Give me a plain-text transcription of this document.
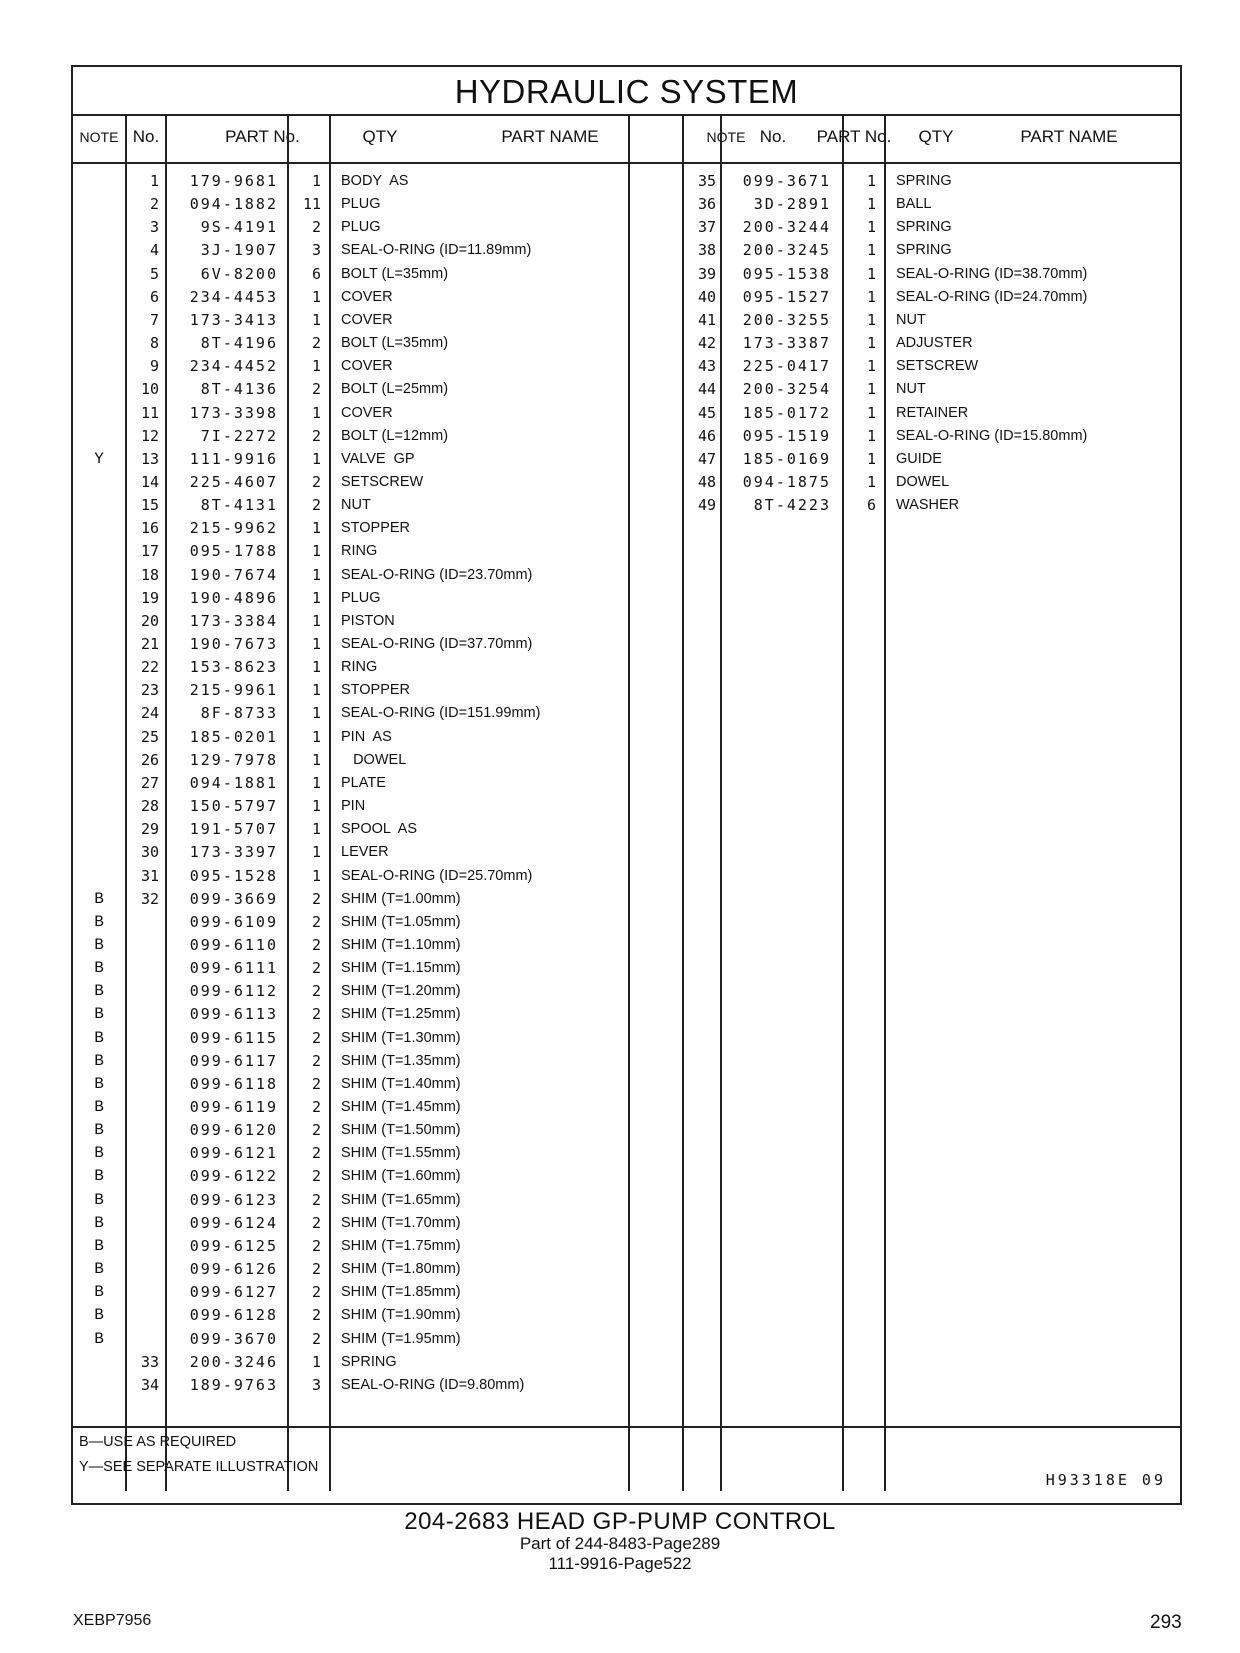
HYDRAULIC SYSTEM
NOTE No.	PART No.	QTY	PART NAME	NOTE No.	PART No.	QTY	PART NAME
1	179-9681	1 BODY  AS
2	094-1882	11 PLUG
3	9S-4191	2 PLUG
4	3J-1907	3 SEAL-O-RING (ID=11.89mm)
5	6V-8200	6 BOLT (L=35mm)
6	234-4453	1 COVER
7	173-3413	1 COVER
8	8T-4196	2 BOLT (L=35mm)
9	234-4452	1 COVER
10	8T-4136	2 BOLT (L=25mm)
11	173-3398	1 COVER
12	7I-2272	2 BOLT (L=12mm)
Y	13	111-9916	1 VALVE  GP
14	225-4607	2 SETSCREW
15	8T-4131	2 NUT
16	215-9962	1 STOPPER
17	095-1788	1 RING
18	190-7674	1 SEAL-O-RING (ID=23.70mm)
19	190-4896	1 PLUG
20	173-3384	1 PISTON
21	190-7673	1 SEAL-O-RING (ID=37.70mm)
22	153-8623	1 RING
23	215-9961	1 STOPPER
24	8F-8733	1 SEAL-O-RING (ID=151.99mm)
25	185-0201	1 PIN  AS
26	129-7978	1 DOWEL
27	094-1881	1 PLATE
28	150-5797	1 PIN
29	191-5707	1 SPOOL  AS
30	173-3397	1 LEVER
31	095-1528	1 SEAL-O-RING (ID=25.70mm)
B	32	099-3669	2 SHIM (T=1.00mm)
B	099-6109	2 SHIM (T=1.05mm)
B	099-6110	2 SHIM (T=1.10mm)
B	099-6111	2 SHIM (T=1.15mm)
B	099-6112	2 SHIM (T=1.20mm)
B	099-6113	2 SHIM (T=1.25mm)
B	099-6115	2 SHIM (T=1.30mm)
B	099-6117	2 SHIM (T=1.35mm)
B	099-6118	2 SHIM (T=1.40mm)
B	099-6119	2 SHIM (T=1.45mm)
B	099-6120	2 SHIM (T=1.50mm)
B	099-6121	2 SHIM (T=1.55mm)
B	099-6122	2 SHIM (T=1.60mm)
B	099-6123	2 SHIM (T=1.65mm)
B	099-6124	2 SHIM (T=1.70mm)
B	099-6125	2 SHIM (T=1.75mm)
B	099-6126	2 SHIM (T=1.80mm)
B	099-6127	2 SHIM (T=1.85mm)
B	099-6128	2 SHIM (T=1.90mm)
B	099-3670	2 SHIM (T=1.95mm)
33	200-3246	1 SPRING
34	189-9763	3 SEAL-O-RING (ID=9.80mm)
35	099-3671	1 SPRING
36	3D-2891	1 BALL
37	200-3244	1 SPRING
38	200-3245	1 SPRING
39	095-1538	1 SEAL-O-RING (ID=38.70mm)
40	095-1527	1 SEAL-O-RING (ID=24.70mm)
41	200-3255	1 NUT
42	173-3387	1 ADJUSTER
43	225-0417	1 SETSCREW
44	200-3254	1 NUT
45	185-0172	1 RETAINER
46	095-1519	1 SEAL-O-RING (ID=15.80mm)
47	185-0169	1 GUIDE
48	094-1875	1 DOWEL
49	8T-4223	6 WASHER
B—USE AS REQUIRED
Y—SEE SEPARATE ILLUSTRATION
H93318E 09
204-2683 HEAD GP-PUMP CONTROL
Part of 244-8483-Page289
111-9916-Page522
XEBP7956	293
